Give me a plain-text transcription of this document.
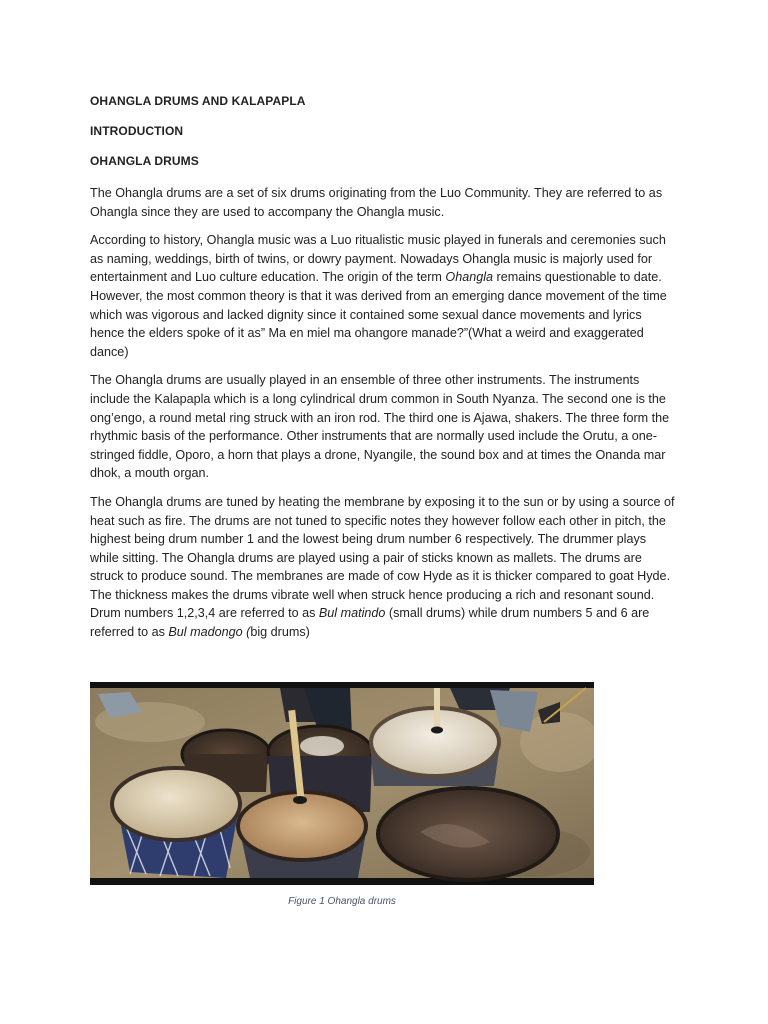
OHANGLA DRUMS AND KALAPAPLA
INTRODUCTION
OHANGLA DRUMS

The Ohangla drums are a set of six drums originating from the Luo Community. They are referred to as Ohangla since they are used to accompany the Ohangla music.

According to history, Ohangla music was a Luo ritualistic music played in funerals and ceremonies such as naming, weddings, birth of twins, or dowry payment. Nowadays Ohangla music is majorly used for entertainment and Luo culture education. The origin of the term Ohangla remains questionable to date. However, the most common theory is that it was derived from an emerging dance movement of the time which was vigorous and lacked dignity since it contained some sexual dance movements and lyrics hence the elders spoke of it as” Ma en miel ma ohangore manade?”(What a weird and exaggerated dance)

The Ohangla drums are usually played in an ensemble of three other instruments. The instruments include the Kalapapla which is a long cylindrical drum common in South Nyanza. The second one is the ong’engo, a round metal ring struck with an iron rod. The third one is Ajawa, shakers. The three form the rhythmic basis of the performance. Other instruments that are normally used include the Orutu, a one-stringed fiddle, Oporo, a horn that plays a drone, Nyangile, the sound box and at times the Onanda mar dhok, a mouth organ.

The Ohangla drums are tuned by heating the membrane by exposing it to the sun or by using a source of heat such as fire. The drums are not tuned to specific notes they however follow each other in pitch, the highest being drum number 1 and the lowest being drum number 6 respectively. The drummer plays while sitting. The Ohangla drums are played using a pair of sticks known as mallets. The drums are struck to produce sound. The membranes are made of cow Hyde as it is thicker compared to goat Hyde. The thickness makes the drums vibrate well when struck hence producing a rich and resonant sound. Drum numbers 1,2,3,4 are referred to as Bul matindo (small drums) while drum numbers 5 and 6 are referred to as Bul madongo (big drums)

Figure 1 Ohangla drums
